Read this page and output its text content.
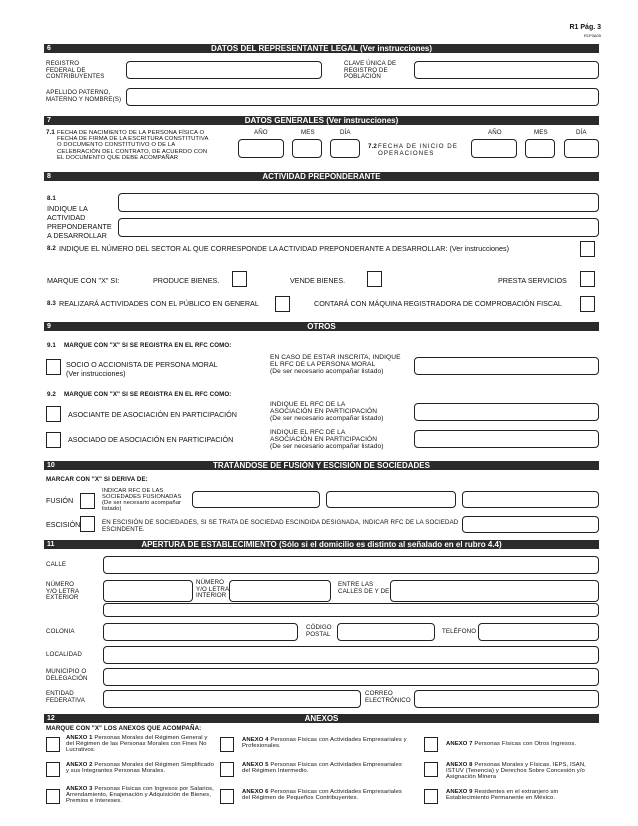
R1 Pág. 3
R1P3A05
6	DATOS DEL REPRESENTANTE LEGAL (Ver instrucciones)
REGISTRO
FEDERAL DE
CONTRIBUYENTES
CLAVE ÚNICA DE
REGISTRO DE
POBLACIÓN
APELLIDO PATERNO,
MATERNO Y NOMBRE(S)
7	DATOS GENERALES (Ver instrucciones)
7.1 FECHA DE NACIMIENTO DE LA PERSONA FÍSICA O
FECHA DE FIRMA DE LA ESCRITURA CONSTITUTIVA
O DOCUMENTO CONSTITUTIVO O DE LA
CELEBRACIÓN DEL CONTRATO, DE ACUERDO CON
EL DOCUMENTO QUE DEBE ACOMPAÑAR
AÑO	MES	DÍA
7.2 FECHA DE INICIO DE
OPERACIONES
AÑO	MES	DÍA
8	ACTIVIDAD PREPONDERANTE
8.1
INDIQUE LA
ACTIVIDAD
PREPONDERANTE
A DESARROLLAR
8.2 INDIQUE EL NÚMERO DEL SECTOR AL QUE CORRESPONDE LA ACTIVIDAD PREPONDERANTE A DESARROLLAR: (Ver instrucciones)
MARQUE CON "X" SI:	PRODUCE BIENES.	VENDE BIENES.	PRESTA SERVICIOS
8.3 REALIZARÁ ACTIVIDADES CON EL PÚBLICO EN GENERAL	CONTARÁ CON MÁQUINA REGISTRADORA DE COMPROBACIÓN FISCAL
9	OTROS
9.1 MARQUE CON "X" SI SE REGISTRA EN EL RFC COMO:
SOCIO O ACCIONISTA DE PERSONA MORAL
(Ver instrucciones)
EN CASO DE ESTAR INSCRITA, INDIQUE
EL RFC DE LA PERSONA MORAL
(De ser necesario acompañar listado)
9.2 MARQUE CON "X" SI SE REGISTRA EN EL RFC COMO:
ASOCIANTE DE ASOCIACIÓN EN PARTICIPACIÓN
INDIQUE EL RFC DE LA
ASOCIACIÓN EN PARTICIPACIÓN
(De ser necesario acompañar listado)
ASOCIADO DE ASOCIACIÓN EN PARTICIPACIÓN
INDIQUE EL RFC DE LA
ASOCIACIÓN EN PARTICIPACIÓN
(De ser necesario acompañar listado)
10	TRATÁNDOSE DE FUSIÓN Y ESCISIÓN DE SOCIEDADES
MARCAR CON "X" SI DERIVA DE:
FUSIÓN
INDICAR RFC DE LAS
SOCIEDADES FUSIONADAS
(De ser necesario acompañar
listado)
ESCISIÓN	EN ESCISIÓN DE SOCIEDADES, SI SE TRATA DE SOCIEDAD ESCINDIDA DESIGNADA, INDICAR RFC DE LA SOCIEDAD
ESCINDENTE.
11	APERTURA DE ESTABLECIMIENTO (Sólo si el domicilio es distinto al señalado en el rubro 4.4)
CALLE
NÚMERO
Y/O LETRA
EXTERIOR
NÚMERO
Y/O LETRA
INTERIOR
ENTRE LAS
CALLES DE Y DE
COLONIA
CÓDIGO
POSTAL	TELÉFONO
LOCALIDAD
MUNICIPIO O
DELEGACIÓN
ENTIDAD
FEDERATIVA
CORREO
ELECTRÓNICO
12	ANEXOS
MARQUE CON "X" LOS ANEXOS QUE ACOMPAÑA:
ANEXO 1 Personas Morales del Régimen General y
del Régimen de las Personas Morales con Fines No
Lucrativos.
ANEXO 4 Personas Físicas con Actividades Empresariales y
Profesionales.	ANEXO 7 Personas Físicas con Otros Ingresos.
ANEXO 2 Personas Morales del Régimen Simplificado
y sus Integrantes Personas Morales.
ANEXO 5 Personas Físicas con Actividades Empresariales
del Régimen Intermedio.
ANEXO 8 Personas Morales y Físicas. IEPS, ISAN,
ISTUV (Tenencia) y Derechos Sobre Concesión y/o
Asignación Minera
ANEXO 3 Personas Físicas con Ingresos por Salarios,
Arrendamiento, Enajenación y Adquisición de Bienes,
Premios e Intereses.
ANEXO 6 Personas Físicas con Actividades Empresariales
del Régimen de Pequeños Contribuyentes.
ANEXO 9 Residentes en el extranjero sin
Establecimiento Permanente en México.
